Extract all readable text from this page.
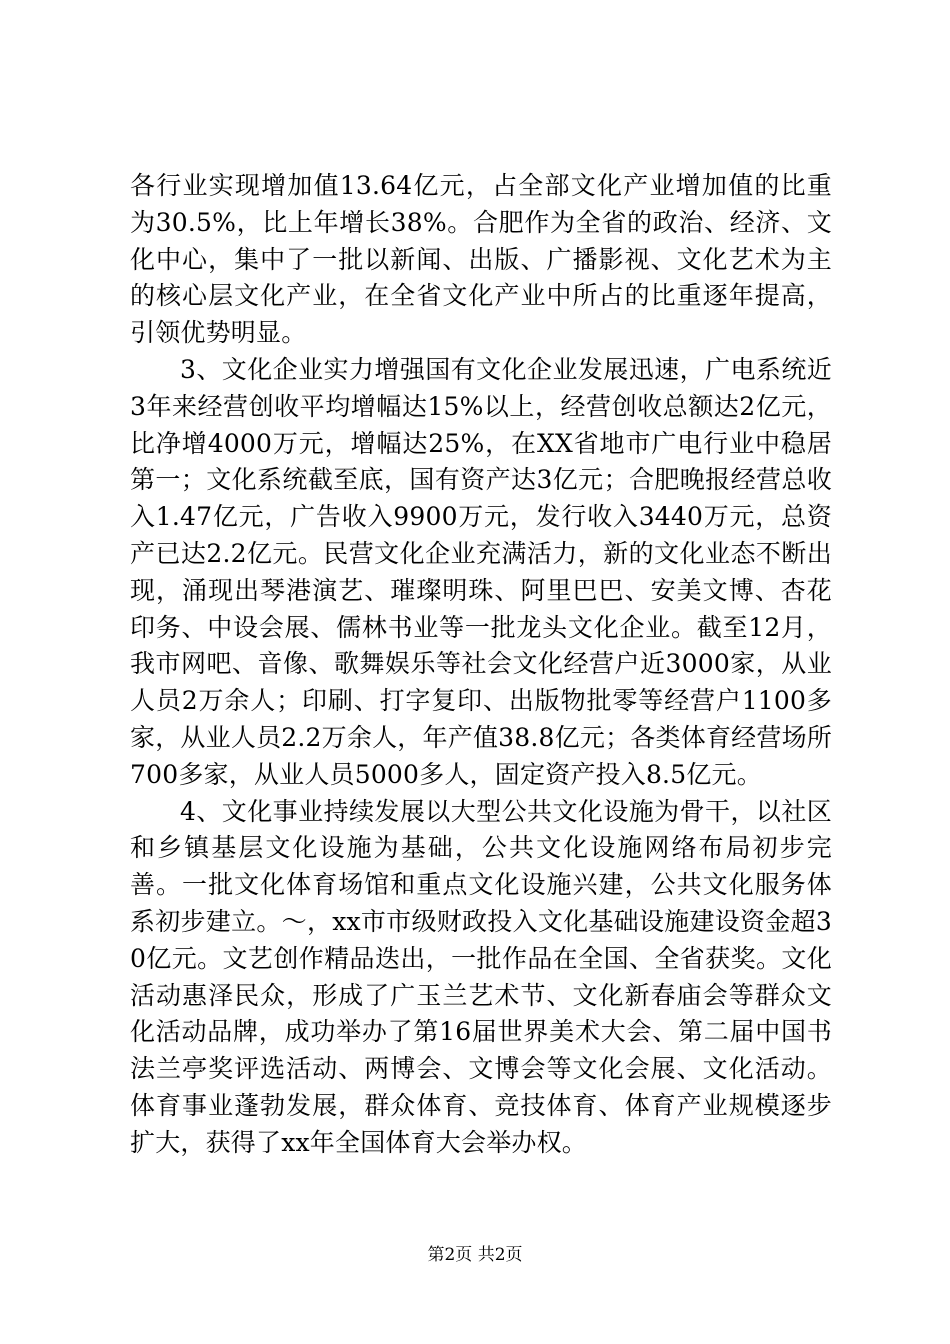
各行业实现增加值13.64亿元，占全部文化产业增加值的比重为30.5%，比上年增长38%。合肥作为全省的政治、经济、文化中心，集中了一批以新闻、出版、广播影视、文化艺术为主的核心层文化产业，在全省文化产业中所占的比重逐年提高，引领优势明显。

3、文化企业实力增强国有文化企业发展迅速，广电系统近3年来经营创收平均增幅达15%以上，经营创收总额达2亿元，比净增4000万元，增幅达25%，在XX省地市广电行业中稳居第一；文化系统截至底，国有资产达3亿元；合肥晚报经营总收入1.47亿元，广告收入9900万元，发行收入3440万元，总资产已达2.2亿元。民营文化企业充满活力，新的文化业态不断出现，涌现出琴港演艺、璀璨明珠、阿里巴巴、安美文博、杏花印务、中设会展、儒林书业等一批龙头文化企业。截至12月，我市网吧、音像、歌舞娱乐等社会文化经营户近3000家，从业人员2万余人；印刷、打字复印、出版物批零等经营户1100多家，从业人员2.2万余人，年产值38.8亿元；各类体育经营场所700多家，从业人员5000多人，固定资产投入8.5亿元。

4、文化事业持续发展以大型公共文化设施为骨干，以社区和乡镇基层文化设施为基础，公共文化设施网络布局初步完善。一批文化体育场馆和重点文化设施兴建，公共文化服务体系初步建立。～，xx市市级财政投入文化基础设施建设资金超30亿元。文艺创作精品迭出，一批作品在全国、全省获奖。文化活动惠泽民众，形成了广玉兰艺术节、文化新春庙会等群众文化活动品牌，成功举办了第16届世界美术大会、第二届中国书法兰亭奖评选活动、两博会、文博会等文化会展、文化活动。体育事业蓬勃发展，群众体育、竞技体育、体育产业规模逐步扩大，获得了xx年全国体育大会举办权。

第2页 共2页
